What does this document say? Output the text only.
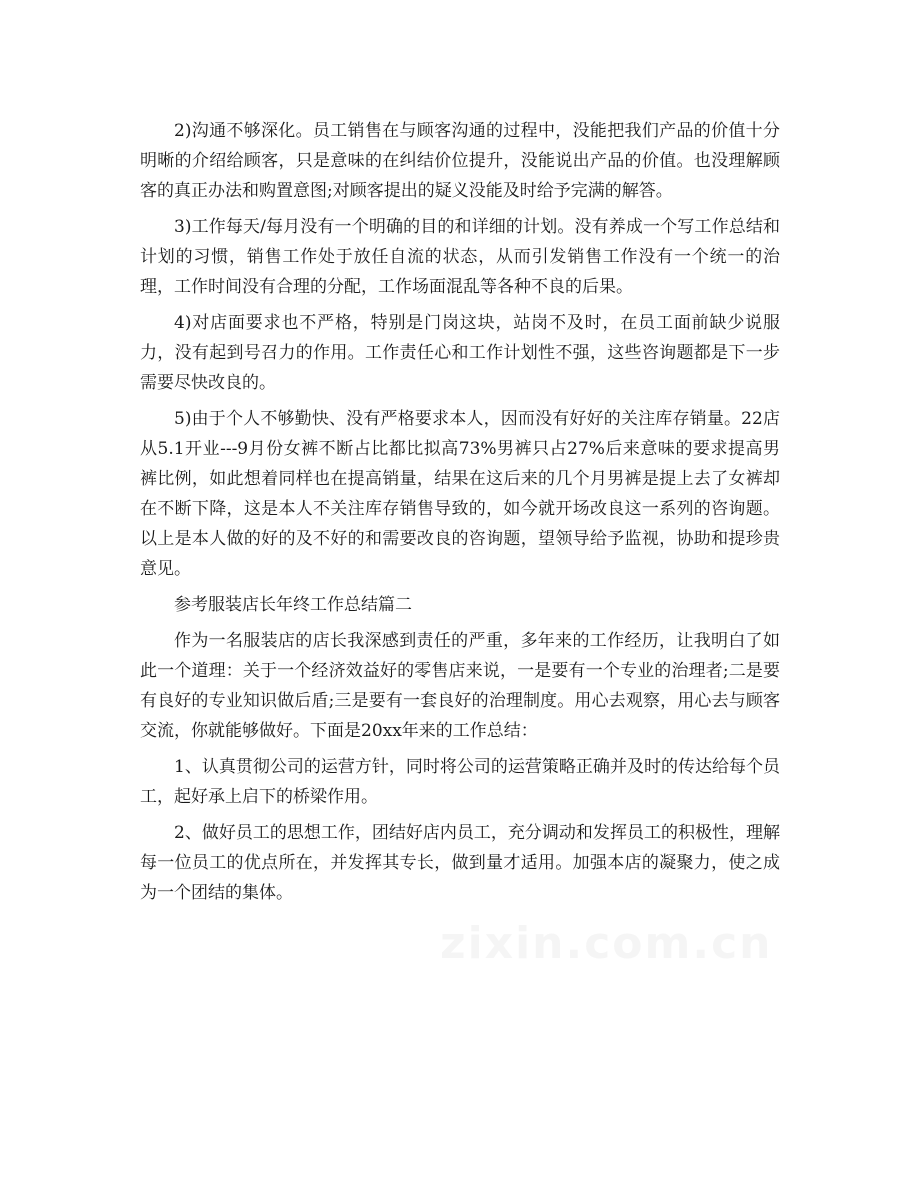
2)沟通不够深化。员工销售在与顾客沟通的过程中，没能把我们产品的价值十分明晰的介绍给顾客，只是意味的在纠结价位提升，没能说出产品的价值。也没理解顾客的真正办法和购置意图;对顾客提出的疑义没能及时给予完满的解答。

3)工作每天/每月没有一个明确的目的和详细的计划。没有养成一个写工作总结和计划的习惯，销售工作处于放任自流的状态，从而引发销售工作没有一个统一的治理，工作时间没有合理的分配，工作场面混乱等各种不良的后果。

4)对店面要求也不严格，特别是门岗这块，站岗不及时，在员工面前缺少说服力，没有起到号召力的作用。工作责任心和工作计划性不强，这些咨询题都是下一步需要尽快改良的。

5)由于个人不够勤快、没有严格要求本人，因而没有好好的关注库存销量。22店从5.1开业---9月份女裤不断占比都比拟高73%男裤只占27%后来意味的要求提高男裤比例，如此想着同样也在提高销量，结果在这后来的几个月男裤是提上去了女裤却在不断下降，这是本人不关注库存销售导致的，如今就开场改良这一系列的咨询题。以上是本人做的好的及不好的和需要改良的咨询题，望领导给予监视，协助和提珍贵意见。

参考服装店长年终工作总结篇二

作为一名服装店的店长我深感到责任的严重，多年来的工作经历，让我明白了如此一个道理：关于一个经济效益好的零售店来说，一是要有一个专业的治理者;二是要有良好的专业知识做后盾;三是要有一套良好的治理制度。用心去观察，用心去与顾客交流，你就能够做好。下面是20xx年来的工作总结：

1、认真贯彻公司的运营方针，同时将公司的运营策略正确并及时的传达给每个员工，起好承上启下的桥梁作用。

2、做好员工的思想工作，团结好店内员工，充分调动和发挥员工的积极性，理解每一位员工的优点所在，并发挥其专长，做到量才适用。加强本店的凝聚力，使之成为一个团结的集体。

zixin.com.cn
